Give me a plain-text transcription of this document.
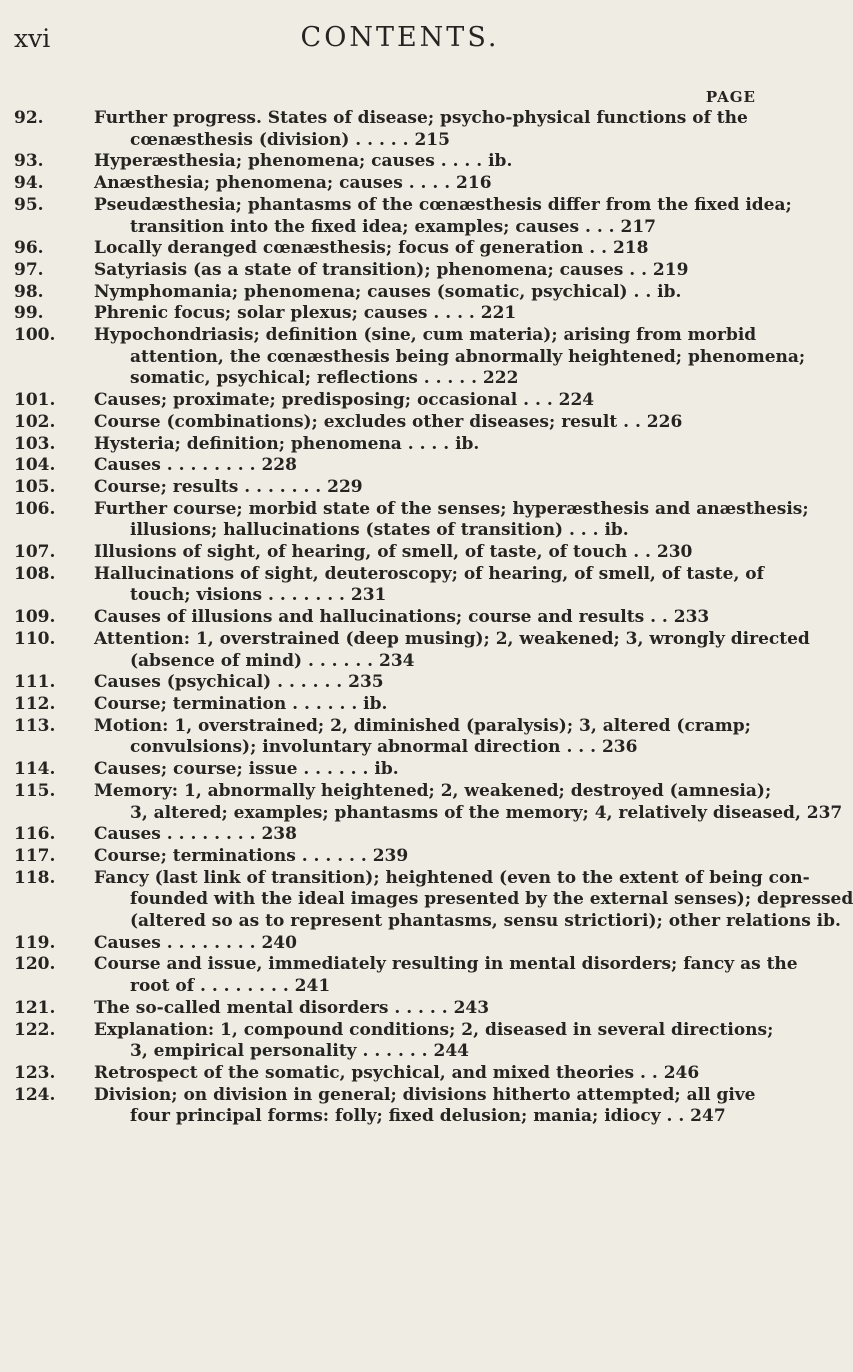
xvi	CONTENTS.
PAGE
92.	Further progress. States of disease; psycho-physical functions of the
cœnæsthesis (division) . . . . . 215
93.	Hyperæsthesia; phenomena; causes . . . . ib.
94.	Anæsthesia; phenomena; causes . . . . 216
95.	Pseudæsthesia; phantasms of the cœnæsthesis differ from the fixed idea;
transition into the fixed idea; examples; causes . . . 217
96.	Locally deranged cœnæsthesis; focus of generation . . 218
97.	Satyriasis (as a state of transition); phenomena; causes . . 219
98.	Nymphomania; phenomena; causes (somatic, psychical) . . ib.
99.	Phrenic focus; solar plexus; causes . . . . 221
100.	Hypochondriasis; definition (sine, cum materia); arising from morbid
attention, the cœnæsthesis being abnormally heightened; phenomena;
somatic, psychical; reflections . . . . . 222
101.	Causes; proximate; predisposing; occasional . . . 224
102.	Course (combinations); excludes other diseases; result . . 226
103.	Hysteria; definition; phenomena . . . . ib.
104.	Causes . . . . . . . . 228
105.	Course; results . . . . . . . 229
106.	Further course; morbid state of the senses; hyperæsthesis and anæsthesis;
illusions; hallucinations (states of transition) . . . ib.
107.	Illusions of sight, of hearing, of smell, of taste, of touch . . 230
108.	Hallucinations of sight, deuteroscopy; of hearing, of smell, of taste, of
touch; visions . . . . . . . 231
109.	Causes of illusions and hallucinations; course and results . . 233
110.	Attention: 1, overstrained (deep musing); 2, weakened; 3, wrongly directed
(absence of mind) . . . . . . 234
111.	Causes (psychical) . . . . . . 235
112.	Course; termination . . . . . . ib.
113.	Motion: 1, overstrained; 2, diminished (paralysis); 3, altered (cramp;
convulsions); involuntary abnormal direction . . . 236
114.	Causes; course; issue . . . . . . ib.
115.	Memory: 1, abnormally heightened; 2, weakened; destroyed (amnesia);
3, altered; examples; phantasms of the memory; 4, relatively diseased, 237
116.	Causes . . . . . . . . 238
117.	Course; terminations . . . . . . 239
118.	Fancy (last link of transition); heightened (even to the extent of being con-
founded with the ideal images presented by the external senses); depressed
(altered so as to represent phantasms, sensu strictiori); other relations ib.
119.	Causes . . . . . . . . 240
120.	Course and issue, immediately resulting in mental disorders; fancy as the
root of . . . . . . . . 241
121.	The so-called mental disorders . . . . . 243
122.	Explanation: 1, compound conditions; 2, diseased in several directions;
3, empirical personality . . . . . . 244
123.	Retrospect of the somatic, psychical, and mixed theories . . 246
124.	Division; on division in general; divisions hitherto attempted; all give
four principal forms: folly; fixed delusion; mania; idiocy . . 247
